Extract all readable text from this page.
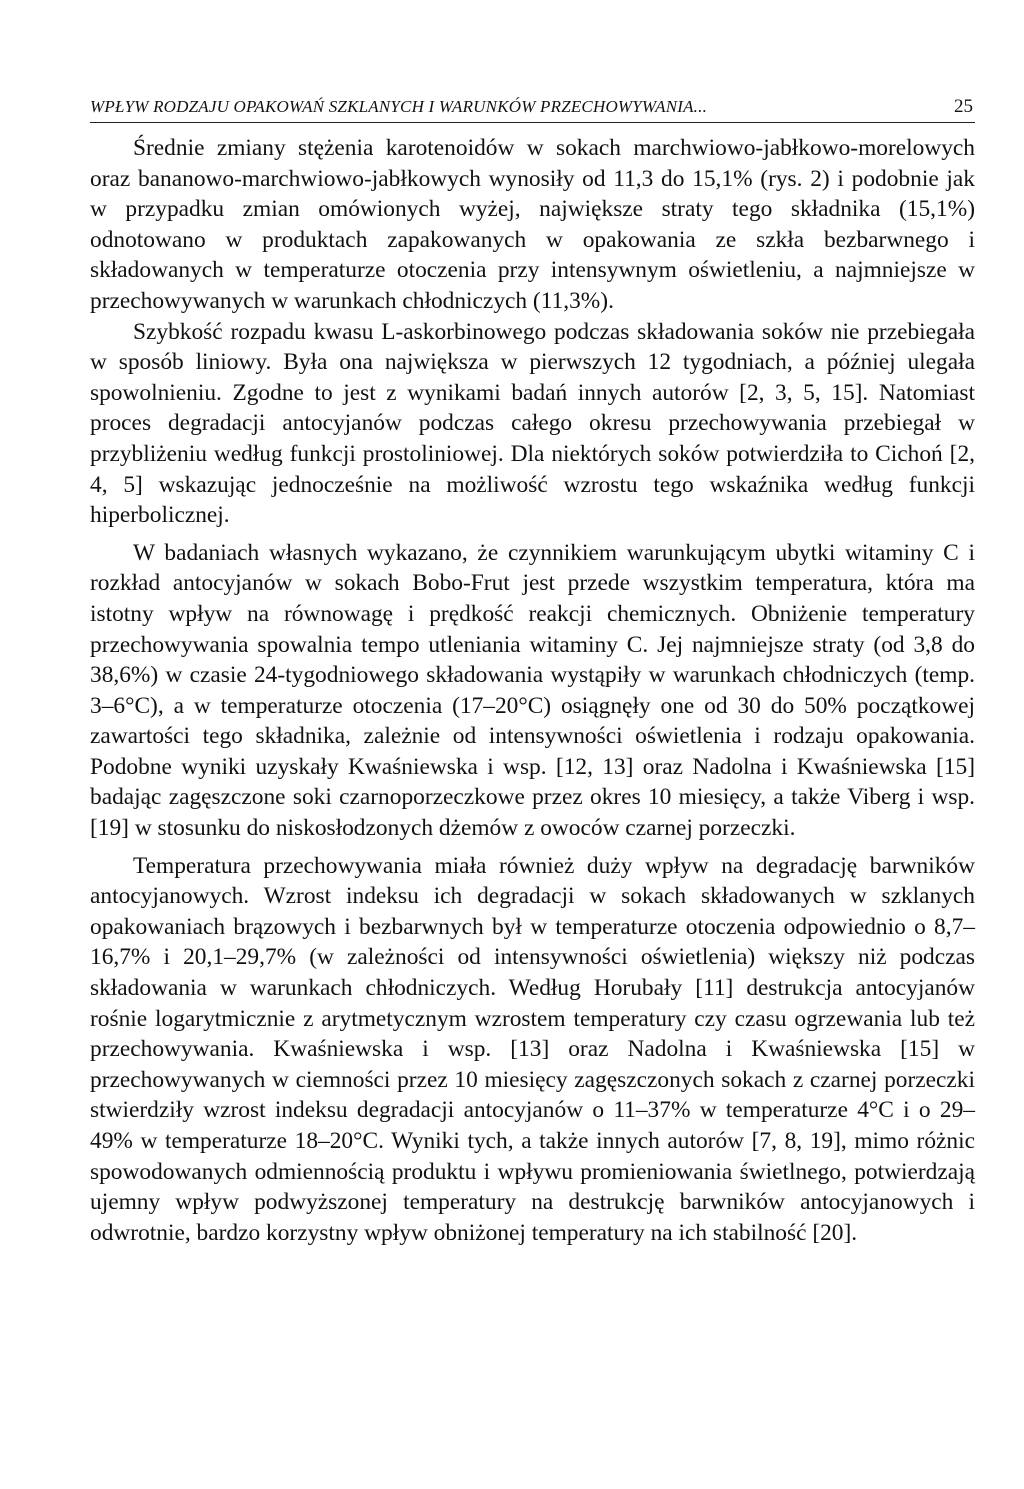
WPŁYW RODZAJU OPAKOWAŃ SZKLANYCH I WARUNKÓW PRZECHOWYWANIA...	25

Średnie zmiany stężenia karotenoidów w sokach marchwiowo-jabłkowo-morelowych oraz bananowo-marchwiowo-jabłkowych wynosiły od 11,3 do 15,1% (rys. 2) i podobnie jak w przypadku zmian omówionych wyżej, największe straty tego składnika (15,1%) odnotowano w produktach zapakowanych w opakowania ze szkła bezbarwnego i składowanych w temperaturze otoczenia przy intensywnym oświetleniu, a najmniejsze w przechowywanych w warunkach chłodniczych (11,3%).

Szybkość rozpadu kwasu L-askorbinowego podczas składowania soków nie przebiegała w sposób liniowy. Była ona największa w pierwszych 12 tygodniach, a później ulegała spowolnieniu. Zgodne to jest z wynikami badań innych autorów [2, 3, 5, 15]. Natomiast proces degradacji antocyjanów podczas całego okresu przechowywania przebiegał w przybliżeniu według funkcji prostoliniowej. Dla niektórych soków potwierdziła to Cichoń [2, 4, 5] wskazując jednocześnie na możliwość wzrostu tego wskaźnika według funkcji hiperbolicznej.

W badaniach własnych wykazano, że czynnikiem warunkującym ubytki witaminy C i rozkład antocyjanów w sokach Bobo-Frut jest przede wszystkim temperatura, która ma istotny wpływ na równowagę i prędkość reakcji chemicznych. Obniżenie temperatury przechowywania spowalnia tempo utleniania witaminy C. Jej najmniejsze straty (od 3,8 do 38,6%) w czasie 24-tygodniowego składowania wystąpiły w warunkach chłodniczych (temp. 3–6°C), a w temperaturze otoczenia (17–20°C) osiągnęły one od 30 do 50% początkowej zawartości tego składnika, zależnie od intensywności oświetlenia i rodzaju opakowania. Podobne wyniki uzyskały Kwaśniewska i wsp. [12, 13] oraz Nadolna i Kwaśniewska [15] badając zagęszczone soki czarnoporzeczkowe przez okres 10 miesięcy, a także Viberg i wsp. [19] w stosunku do niskosłodzonych dżemów z owoców czarnej porzeczki.

Temperatura przechowywania miała również duży wpływ na degradację barwników antocyjanowych. Wzrost indeksu ich degradacji w sokach składowanych w szklanych opakowaniach brązowych i bezbarwnych był w temperaturze otoczenia odpowiednio o 8,7–16,7% i 20,1–29,7% (w zależności od intensywności oświetlenia) większy niż podczas składowania w warunkach chłodniczych. Według Horubały [11] destrukcja antocyjanów rośnie logarytmicznie z arytmetycznym wzrostem temperatury czy czasu ogrzewania lub też przechowywania. Kwaśniewska i wsp. [13] oraz Nadolna i Kwaśniewska [15] w przechowywanych w ciemności przez 10 miesięcy zagęszczonych sokach z czarnej porzeczki stwierdziły wzrost indeksu degradacji antocyjanów o 11–37% w temperaturze 4°C i o 29–49% w temperaturze 18–20°C. Wyniki tych, a także innych autorów [7, 8, 19], mimo różnic spowodowanych odmiennością produktu i wpływu promieniowania świetlnego, potwierdzają ujemny wpływ podwyższonej temperatury na destrukcję barwników antocyjanowych i odwrotnie, bardzo korzystny wpływ obniżonej temperatury na ich stabilność [20].
